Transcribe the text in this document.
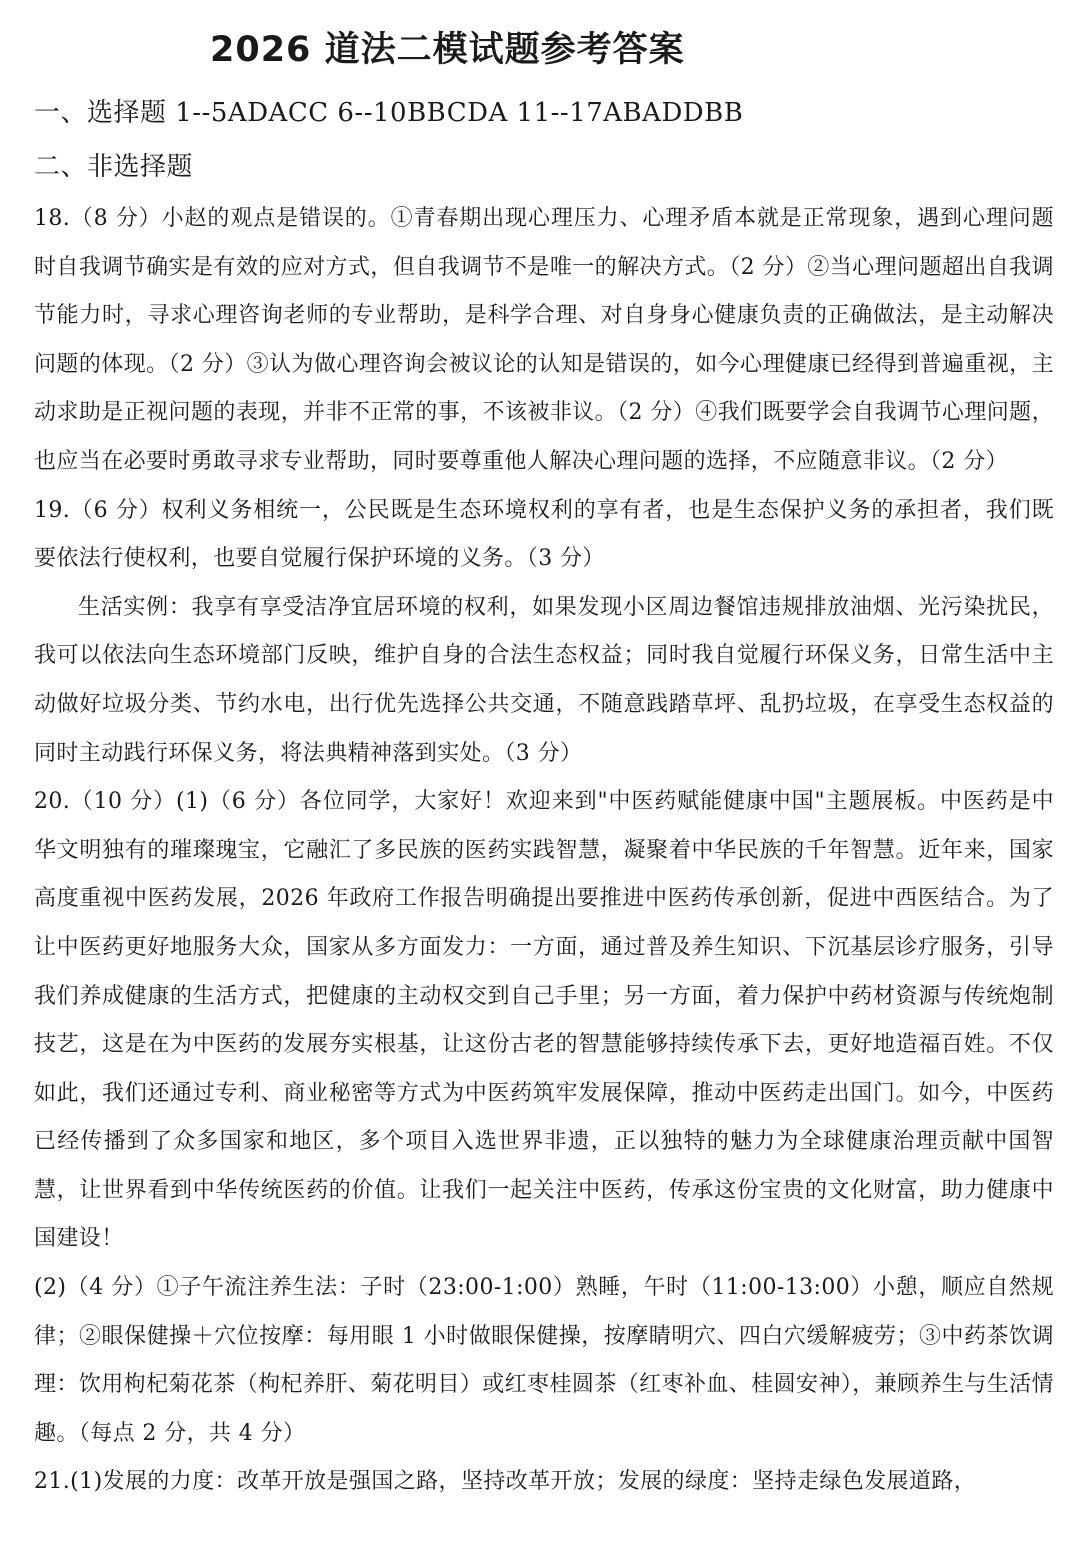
2026 道法二模试题参考答案
一、选择题 1--5ADACC 6--10BBCDA 11--17ABADDBB
二、非选择题

18.（8 分）小赵的观点是错误的。①青春期出现心理压力、心理矛盾本就是正常现象，遇到心理问题时自我调节确实是有效的应对方式，但自我调节不是唯一的解决方式。（2 分）②当心理问题超出自我调节能力时，寻求心理咨询老师的专业帮助，是科学合理、对自身身心健康负责的正确做法，是主动解决问题的体现。（2 分）③认为做心理咨询会被议论的认知是错误的，如今心理健康已经得到普遍重视，主动求助是正视问题的表现，并非不正常的事，不该被非议。（2 分）④我们既要学会自我调节心理问题，也应当在必要时勇敢寻求专业帮助，同时要尊重他人解决心理问题的选择，不应随意非议。（2 分）

19.（6 分）权利义务相统一，公民既是生态环境权利的享有者，也是生态保护义务的承担者，我们既要依法行使权利，也要自觉履行保护环境的义务。（3 分）

生活实例：我享有享受洁净宜居环境的权利，如果发现小区周边餐馆违规排放油烟、光污染扰民，我可以依法向生态环境部门反映，维护自身的合法生态权益；同时我自觉履行环保义务，日常生活中主动做好垃圾分类、节约水电，出行优先选择公共交通，不随意践踏草坪、乱扔垃圾，在享受生态权益的同时主动践行环保义务，将法典精神落到实处。（3 分）

20.（10 分）(1)（6 分）各位同学，大家好！欢迎来到"中医药赋能健康中国"主题展板。中医药是中华文明独有的璀璨瑰宝，它融汇了多民族的医药实践智慧，凝聚着中华民族的千年智慧。近年来，国家高度重视中医药发展，2026 年政府工作报告明确提出要推进中医药传承创新，促进中西医结合。为了让中医药更好地服务大众，国家从多方面发力：一方面，通过普及养生知识、下沉基层诊疗服务，引导我们养成健康的生活方式，把健康的主动权交到自己手里；另一方面，着力保护中药材资源与传统炮制技艺，这是在为中医药的发展夯实根基，让这份古老的智慧能够持续传承下去，更好地造福百姓。不仅如此，我们还通过专利、商业秘密等方式为中医药筑牢发展保障，推动中医药走出国门。如今，中医药已经传播到了众多国家和地区，多个项目入选世界非遗，正以独特的魅力为全球健康治理贡献中国智慧，让世界看到中华传统医药的价值。让我们一起关注中医药，传承这份宝贵的文化财富，助力健康中国建设！

(2)（4 分）①子午流注养生法：子时（23:00-1:00）熟睡，午时（11:00-13:00）小憩，顺应自然规律；②眼保健操＋穴位按摩：每用眼 1 小时做眼保健操，按摩睛明穴、四白穴缓解疲劳；③中药茶饮调理：饮用枸杞菊花茶（枸杞养肝、菊花明目）或红枣桂圆茶（红枣补血、桂圆安神），兼顾养生与生活情趣。（每点 2 分，共 4 分）

21.(1)发展的力度：改革开放是强国之路，坚持改革开放；发展的绿度：坚持走绿色发展道路，
